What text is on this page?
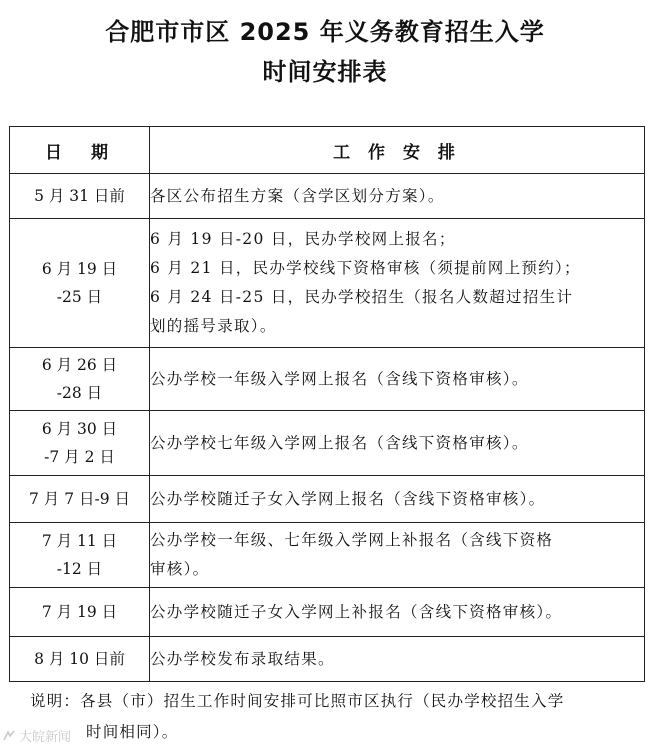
合肥市市区 2025 年义务教育招生入学
时间安排表
日　期	工 作 安 排

5 月 31 日前	各区公布招生方案（含学区划分方案）。

6 月 19 日
-25 日	6 月 19 日-20 日，民办学校网上报名；
6 月 21 日，民办学校线下资格审核（须提前网上预约）；
6 月 24 日-25 日，民办学校招生（报名人数超过招生计
划的摇号录取）。

6 月 26 日
-28 日	公办学校一年级入学网上报名（含线下资格审核）。

6 月 30 日
-7 月 2 日	公办学校七年级入学网上报名（含线下资格审核）。

7 月 7 日-9 日	公办学校随迁子女入学网上报名（含线下资格审核）。

7 月 11 日
-12 日	公办学校一年级、七年级入学网上补报名（含线下资格
审核）。

7 月 19 日	公办学校随迁子女入学网上补报名（含线下资格审核）。

8 月 10 日前	公办学校发布录取结果。
说明：各县（市）招生工作时间安排可比照市区执行（民办学校招生入学
时间相同）。
大皖新闻
